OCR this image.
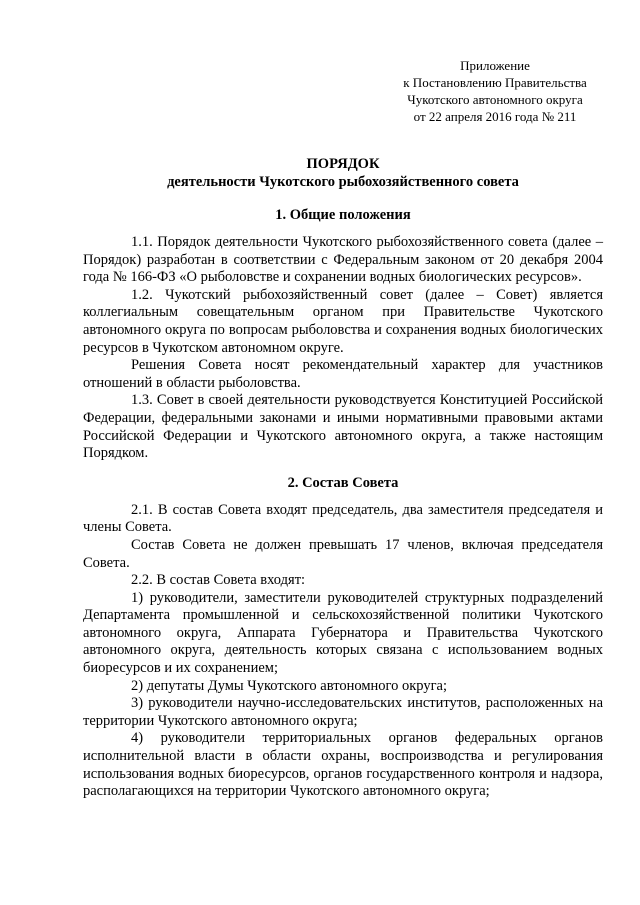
Приложение
к Постановлению Правительства
Чукотского автономного округа
от 22 апреля 2016 года № 211
ПОРЯДОК
деятельности Чукотского рыбохозяйственного совета
1. Общие положения

1.1. Порядок деятельности Чукотского рыбохозяйственного совета (далее – Порядок) разработан в соответствии с Федеральным законом от 20 декабря 2004 года № 166-ФЗ «О рыболовстве и сохранении водных биологических ресурсов».

1.2. Чукотский рыбохозяйственный совет (далее – Совет) является коллегиальным совещательным органом при Правительстве Чукотского автономного округа по вопросам рыболовства и сохранения водных биологических ресурсов в Чукотском автономном округе.

Решения Совета носят рекомендательный характер для участников отношений в области рыболовства.

1.3. Совет в своей деятельности руководствуется Конституцией Российской Федерации, федеральными законами и иными нормативными правовыми актами Российской Федерации и Чукотского автономного округа, а также настоящим Порядком.

2. Состав Совета

2.1. В состав Совета входят председатель, два заместителя председателя и члены Совета.

Состав Совета не должен превышать 17 членов, включая председателя Совета.

2.2. В состав Совета входят:

1) руководители, заместители руководителей структурных подразделений Департамента промышленной и сельскохозяйственной политики Чукотского автономного округа, Аппарата Губернатора и Правительства Чукотского автономного округа, деятельность которых связана с использованием водных биоресурсов и их сохранением;

2) депутаты Думы Чукотского автономного округа;

3) руководители научно-исследовательских институтов, расположенных на территории Чукотского автономного округа;

4) руководители территориальных органов федеральных органов исполнительной власти в области охраны, воспроизводства и регулирования использования водных биоресурсов, органов государственного контроля и надзора, располагающихся на территории Чукотского автономного округа;
